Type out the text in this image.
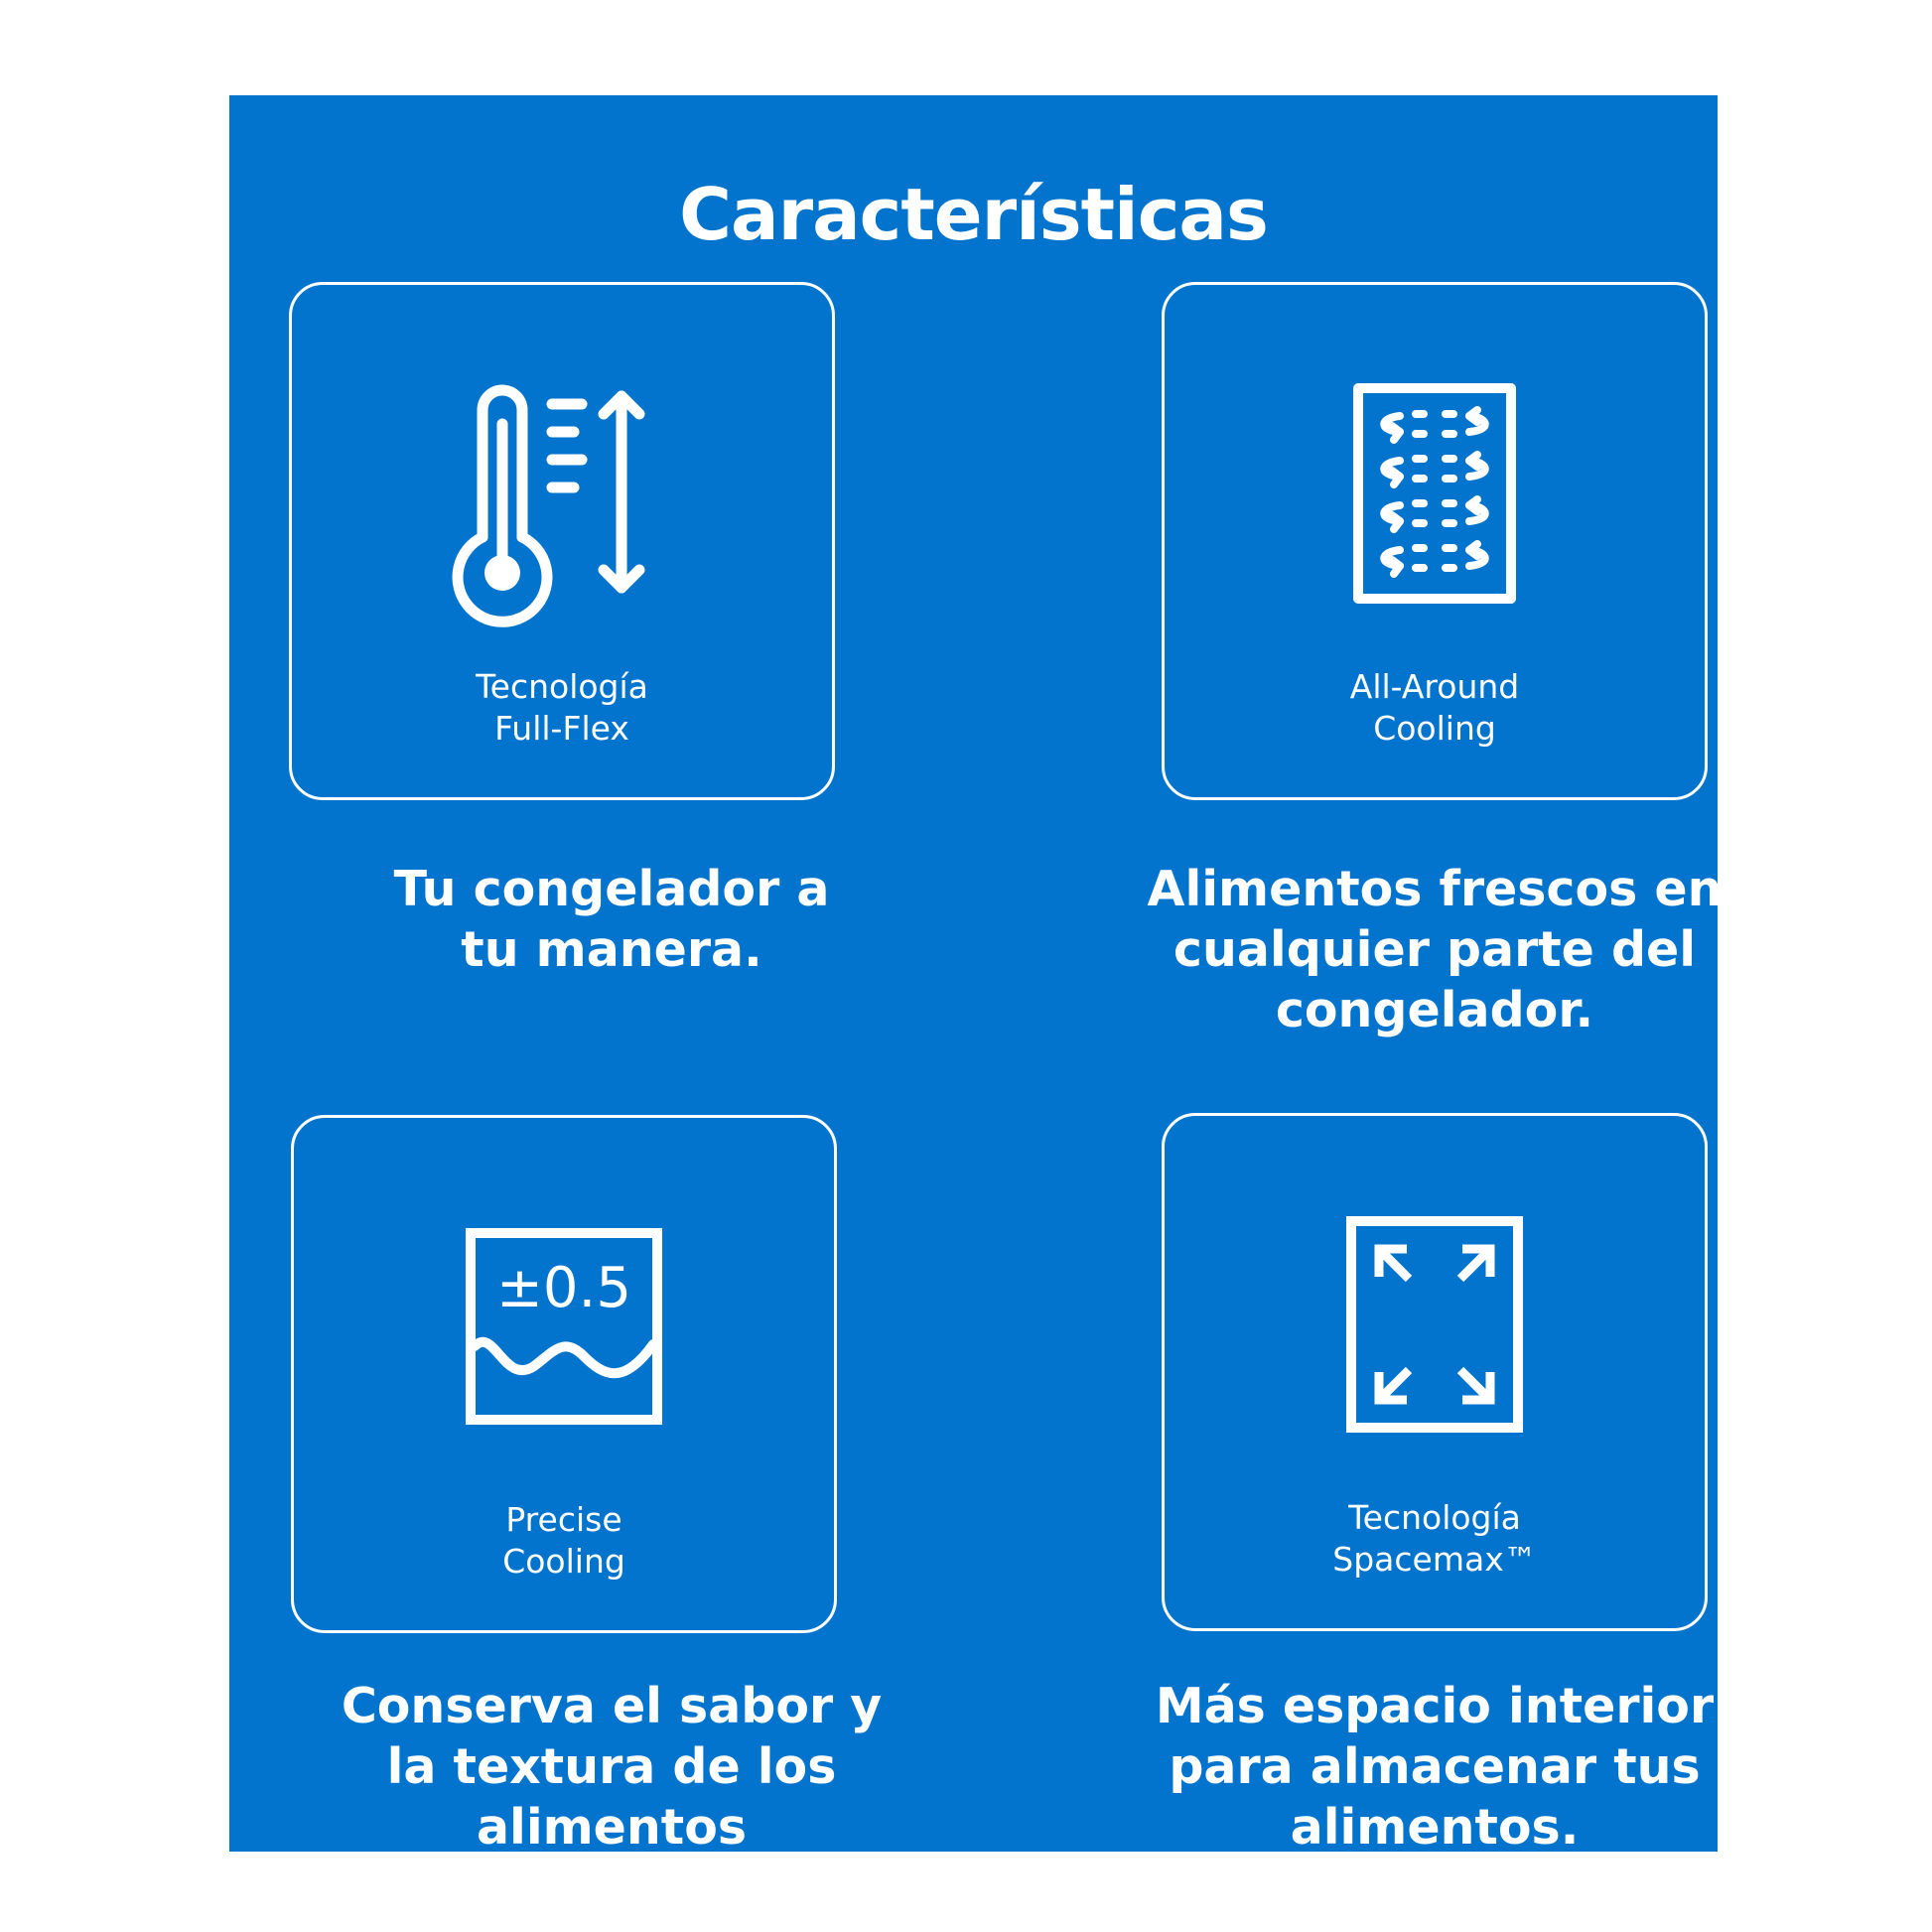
Características
Tecnología
Full-Flex
Tu congelador a
tu manera.
All-Around
Cooling
Alimentos frescos en
cualquier parte del
congelador.
±0.5
Precise
Cooling
Conserva el sabor y
la textura de los alimentos
durante más tiempo.
Tecnología
Spacemax™
Más espacio interior
para almacenar tus
alimentos.
